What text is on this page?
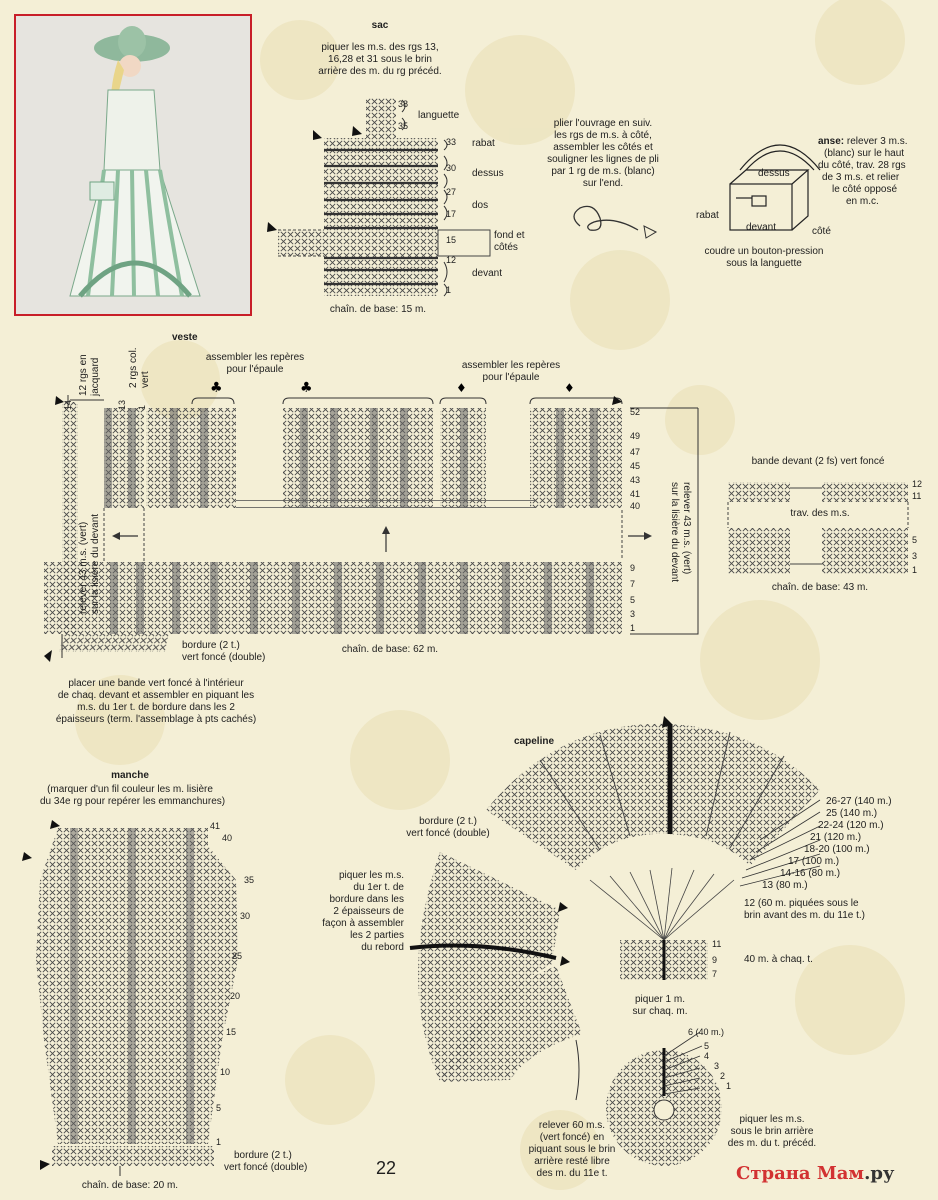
♣	♣	♦	♦
sac
piquer les m.s. des rgs 13,
16,28 et 31 sous le brin
arrière des m. du rg précéd.
38
35
33
30
27
17
15
12
1
languette
rabat
dessus
dos
fond et
côtés
devant
chaîn. de base: 15 m.
plier l'ouvrage en suiv.
les rgs de m.s. à côté,
assembler les côtés et
souligner les lignes de pli
par 1 rg de m.s. (blanc)
sur l'end.
anse: relever 3 m.s.
(blanc) sur le haut
du côté, trav. 28 rgs
de 3 m.s. et relier
le côté opposé
en m.c.
dessus
rabat
devant	côté
coudre un bouton-pression
sous la languette
veste
assembler les repères
pour l'épaule	assembler les repères
pour l'épaule
52
49
47
45
43
41
40
9
7
5
3
1
12 rgs en jacquard	2 rgs col. vert
14	13 1
relever 43 m.s. (vert) sur la lisière du devant	relever 43 m.s. (vert)
sur la lisière du devant
bordure (2 t.)
vert foncé (double)
chaîn. de base: 62 m.
placer une bande vert foncé à l'intérieur
de chaq. devant et assembler en piquant les
m.s. du 1er t. de bordure dans les 2
épaisseurs (term. l'assemblage à pts cachés)
bande devant (2 fs) vert foncé
12
11
5
3
1
trav. des m.s.
chaîn. de base: 43 m.
manche
(marquer d'un fil couleur les m. lisière
du 34e rg pour repérer les emmanchures)
41
40
35
30
25
20
15
10
5
1
bordure (2 t.)
vert foncé (double)
chaîn. de base: 20 m.
capeline
bordure (2 t.)
vert foncé (double)
piquer les m.s.
du 1er t. de
bordure dans les
2 épaisseurs de
façon à assembler
les 2 parties
du rebord
26-27 (140 m.)
25 (140 m.)
22-24 (120 m.)
21 (120 m.)
18-20 (100 m.)
17 (100 m.)
14-16 (80 m.)
13 (80 m.)
12 (60 m. piquées sous le
brin avant des m. du 11e t.)
11
9
7
40 m. à chaq. t.
piquer 1 m.
sur chaq. m.
6 (40 m.)
5
4
3
2
1
piquer les m.s.
sous le brin arrière
des m. du t. précéd.
relever 60 m.s.
(vert foncé) en
piquant sous le brin
arrière resté libre
des m. du 11e t.
22	Страна Мам.ру
